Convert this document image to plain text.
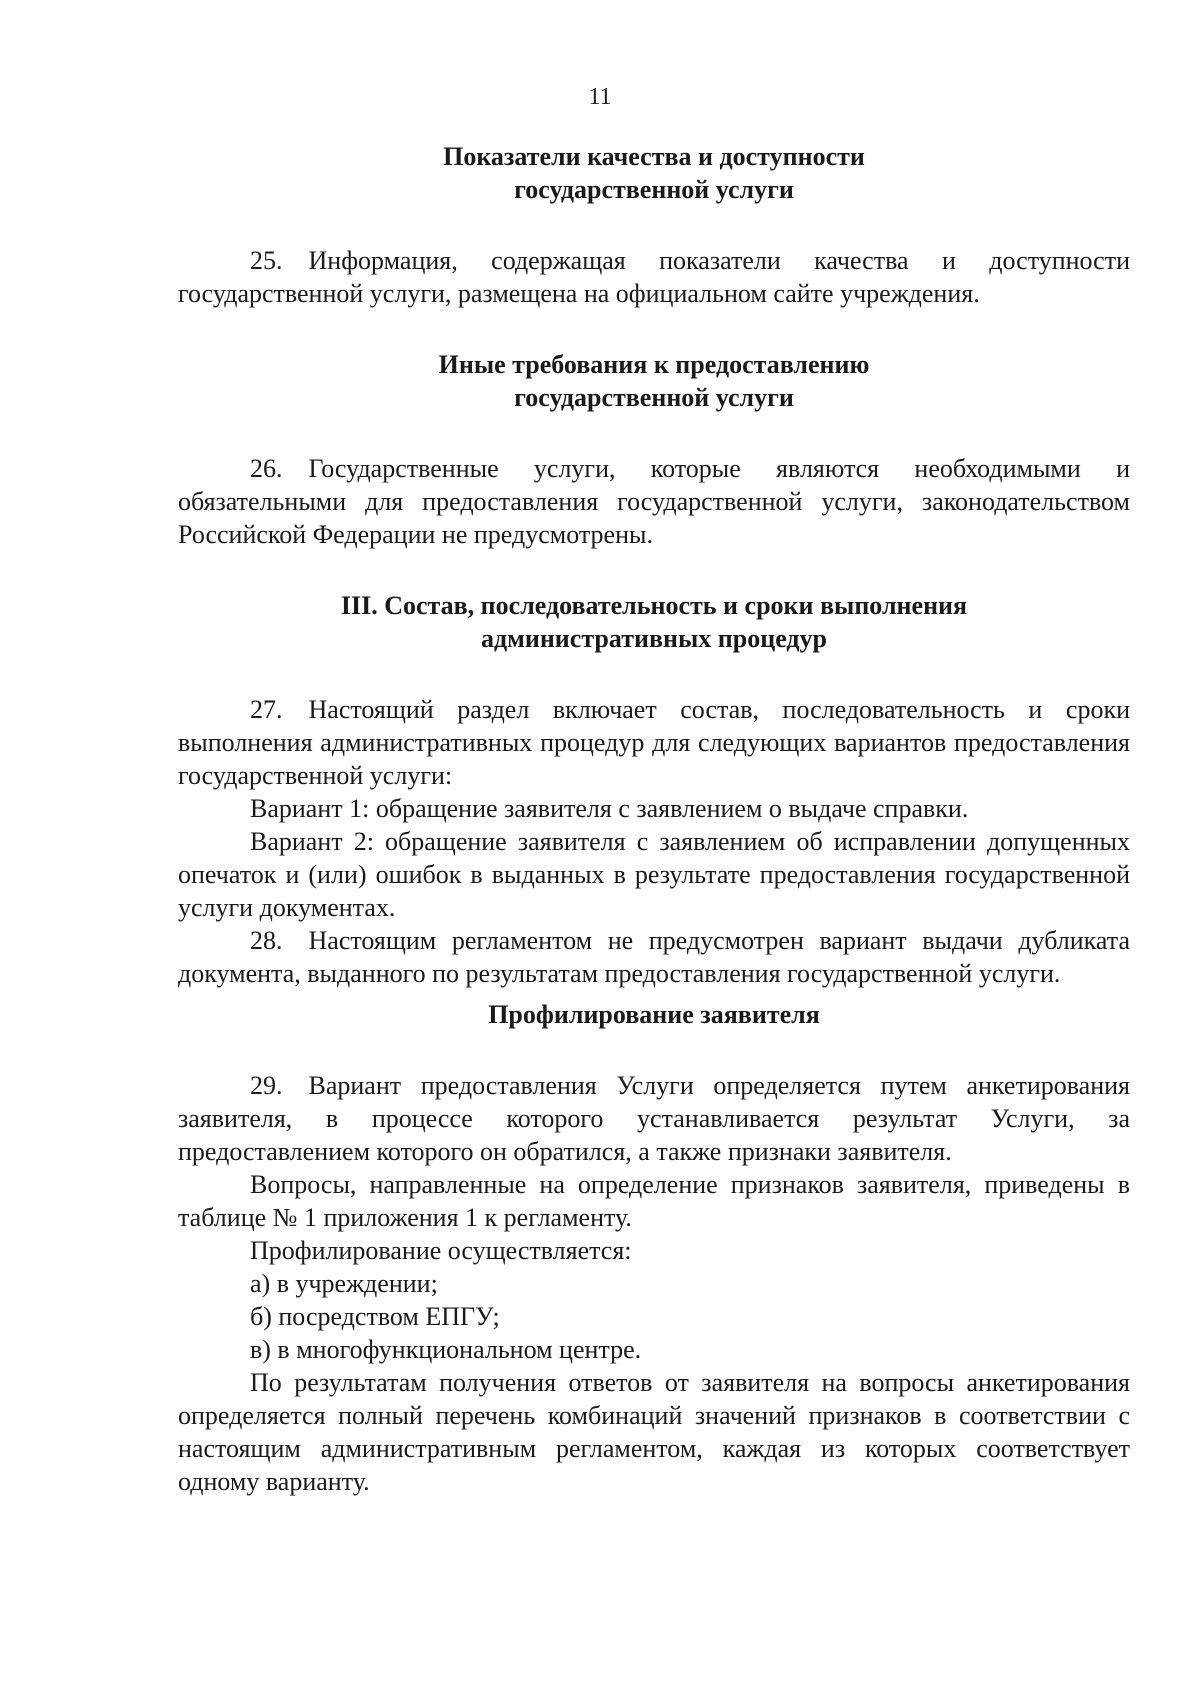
11
Показатели качества и доступности
государственной услуги

25. Информация, содержащая показатели качества и доступности государственной услуги, размещена на официальном сайте учреждения.

Иные требования к предоставлению
государственной услуги

26. Государственные услуги, которые являются необходимыми и обязательными для предоставления государственной услуги, законодательством Российской Федерации не предусмотрены.

III. Состав, последовательность и сроки выполнения
административных процедур

27. Настоящий раздел включает состав, последовательность и сроки выполнения административных процедур для следующих вариантов предоставления государственной услуги:

Вариант 1: обращение заявителя с заявлением о выдаче справки.

Вариант 2: обращение заявителя с заявлением об исправлении допущенных опечаток и (или) ошибок в выданных в результате предоставления государственной услуги документах.

28. Настоящим регламентом не предусмотрен вариант выдачи дубликата документа, выданного по результатам предоставления государственной услуги.

Профилирование заявителя

29. Вариант предоставления Услуги определяется путем анкетирования заявителя, в процессе которого устанавливается результат Услуги, за предоставлением которого он обратился, а также признаки заявителя.

Вопросы, направленные на определение признаков заявителя, приведены в таблице № 1 приложения 1 к регламенту.

Профилирование осуществляется:

а) в учреждении;

б) посредством ЕПГУ;

в) в многофункциональном центре.

По результатам получения ответов от заявителя на вопросы анкетирования определяется полный перечень комбинаций значений признаков в соответствии с настоящим административным регламентом, каждая из которых соответствует одному варианту.
